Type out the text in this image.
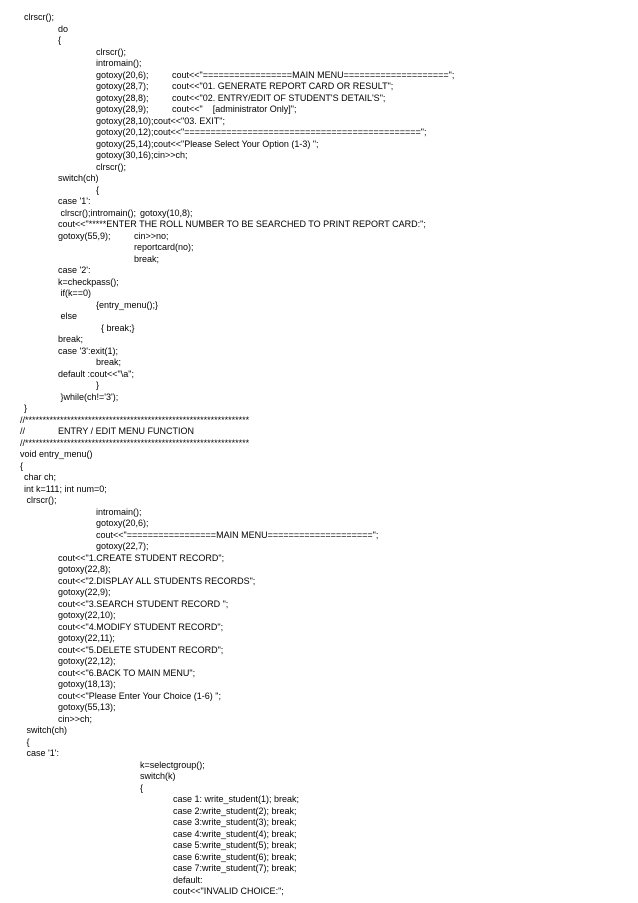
clrscr();
do
{
clrscr();
intromain();
gotoxy(20,6);	cout<<"=================MAIN MENU====================";
gotoxy(28,7);	cout<<"01. GENERATE REPORT CARD OR RESULT";
gotoxy(28,8);	cout<<"02. ENTRY/EDIT OF STUDENT'S DETAIL'S";
gotoxy(28,9);	cout<<"    [administrator Only]";
gotoxy(28,10);cout<<"03. EXIT";
gotoxy(20,12);cout<<"=============================================";
gotoxy(25,14);cout<<"Please Select Your Option (1-3) ";
gotoxy(30,16);cin>>ch;
clrscr();
switch(ch)
{
case '1':
clrscr();intromain(); gotoxy(10,8);
cout<<"*****ENTER THE ROLL NUMBER TO BE SEARCHED TO PRINT REPORT CARD:";
gotoxy(55,9);	cin>>no;
reportcard(no);
break;
case '2':
k=checkpass();
if(k==0)
{entry_menu();}
else
{ break;}
break;
case '3':exit(1);
break;
default :cout<<"\a";
}
}while(ch!='3');
}
//****************************************************************
//	ENTRY / EDIT MENU FUNCTION
//****************************************************************
void entry_menu()
{
char ch;
int k=111; int num=0;
clrscr();
intromain();
gotoxy(20,6);
cout<<"=================MAIN MENU====================";
gotoxy(22,7);
cout<<"1.CREATE STUDENT RECORD";
gotoxy(22,8);
cout<<"2.DISPLAY ALL STUDENTS RECORDS";
gotoxy(22,9);
cout<<"3.SEARCH STUDENT RECORD ";
gotoxy(22,10);
cout<<"4.MODIFY STUDENT RECORD";
gotoxy(22,11);
cout<<"5.DELETE STUDENT RECORD";
gotoxy(22,12);
cout<<"6.BACK TO MAIN MENU";
gotoxy(18,13);
cout<<"Please Enter Your Choice (1-6) ";
gotoxy(55,13);
cin>>ch;
switch(ch)
{
case '1':
k=selectgroup();
switch(k)
{
case 1: write_student(1); break;
case 2:write_student(2); break;
case 3:write_student(3); break;
case 4:write_student(4); break;
case 5:write_student(5); break;
case 6:write_student(6); break;
case 7:write_student(7); break;
default:
cout<<"INVALID CHOICE:";
